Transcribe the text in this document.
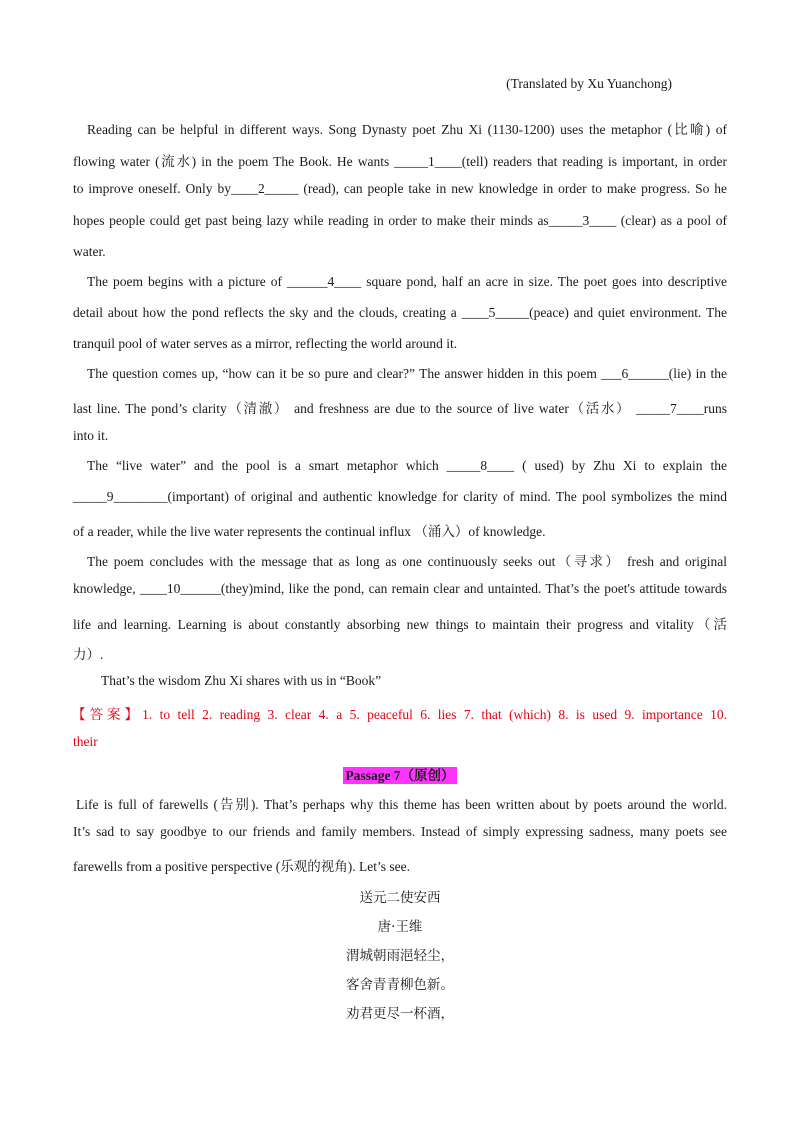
(Translated by Xu Yuanchong)
Reading can be helpful in different ways. Song Dynasty poet Zhu Xi (1130-1200) uses the metaphor (比喻) of
flowing water (流水) in the poem The Book. He wants _____1____(tell) readers that reading is important, in order
to improve oneself. Only by____2_____ (read), can people take in new knowledge in order to make progress. So he
hopes people could get past being lazy while reading in order to make their minds as_____3____ (clear) as a pool of
water.
The poem begins with a picture of ______4____ square pond, half an acre in size. The poet goes into descriptive
detail about how the pond reflects the sky and the clouds, creating a ____5_____(peace) and quiet environment. The
tranquil pool of water serves as a mirror, reflecting the world around it.
The question comes up, “how can it be so pure and clear?” The answer hidden in this poem ___6______(lie) in the
last line. The pond’s clarity（清澈） and freshness are due to the source of live water（活水） _____7____runs
into it.
The “live water” and the pool is a smart metaphor which _____8____ ( used) by Zhu Xi to explain the
_____9________(important) of original and authentic knowledge for clarity of mind. The pool symbolizes the mind
of a reader, while the live water represents the continual influx （涌入）of knowledge.
The poem concludes with the message that as long as one continuously seeks out（寻求） fresh and original
knowledge, ____10______(they)mind, like the pond, can remain clear and untainted. That’s the poet's attitude towards
life and learning. Learning is about constantly absorbing new things to maintain their progress and vitality（活
力）.
That’s the wisdom Zhu Xi shares with us in “Book”
【答案】1. to tell 2. reading 3. clear 4. a 5. peaceful 6. lies 7. that (which) 8. is used 9. importance 10.
their
Passage 7（原创）
Life is full of farewells (告别). That’s perhaps why this theme has been written about by poets around the world.
It’s sad to say goodbye to our friends and family members. Instead of simply expressing sadness, many poets see
farewells from a positive perspective (乐观的视角). Let’s see.
送元二使安西
唐·王维
渭城朝雨浥轻尘，
客舍青青柳色新。
劝君更尽一杯酒，
